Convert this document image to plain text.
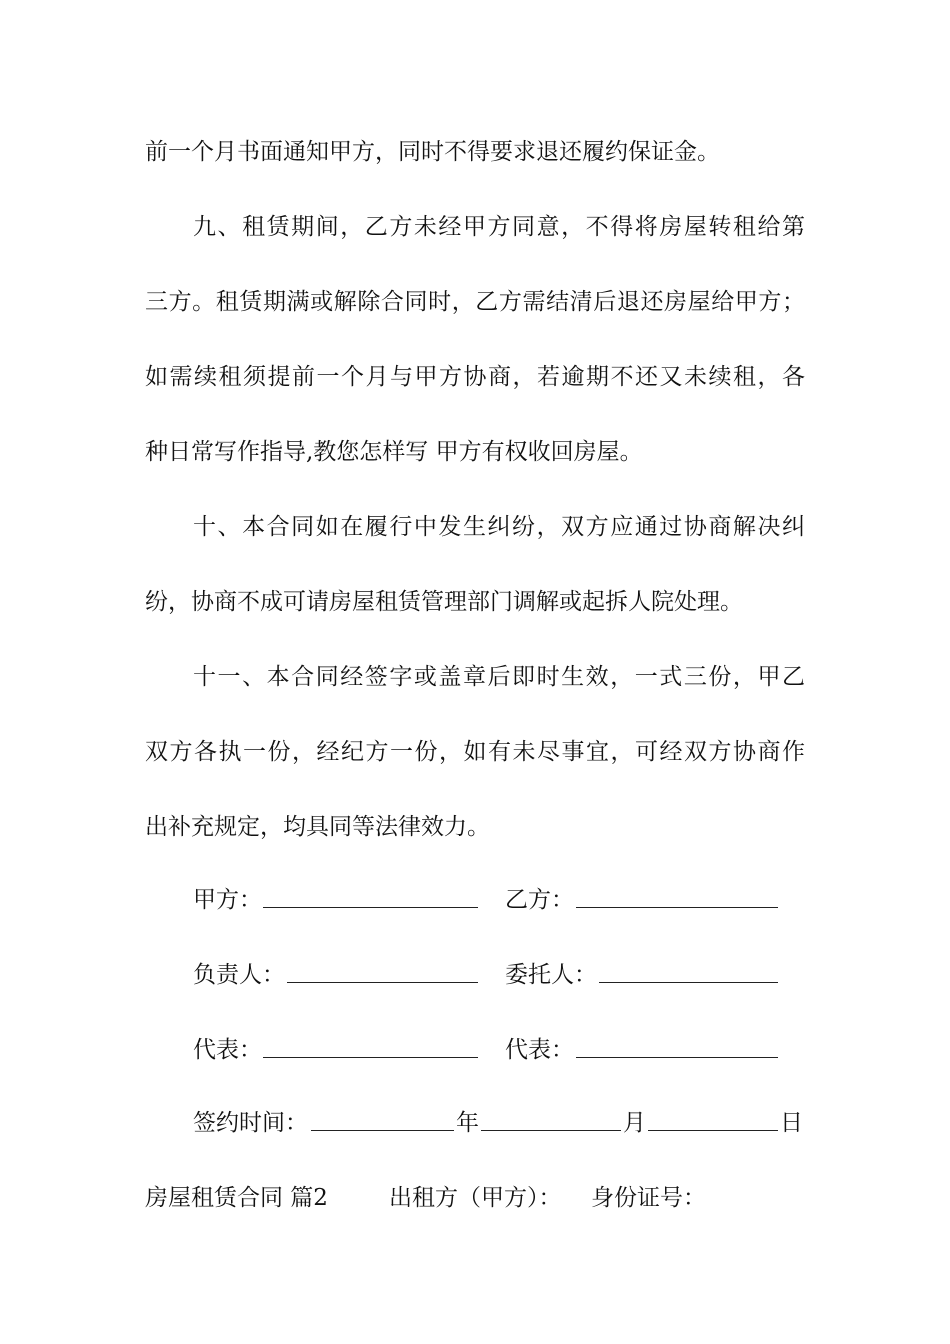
前一个月书面通知甲方，同时不得要求退还履约保证金。
九、租赁期间，乙方未经甲方同意，不得将房屋转租给第
三方。租赁期满或解除合同时，乙方需结清后退还房屋给甲方；
如需续租须提前一个月与甲方协商，若逾期不还又未续租，各
种日常写作指导,教您怎样写 甲方有权收回房屋。
十、本合同如在履行中发生纠纷，双方应通过协商解决纠
纷，协商不成可请房屋租赁管理部门调解或起拆人院处理。
十一、本合同经签字或盖章后即时生效，一式三份，甲乙
双方各执一份，经纪方一份，如有未尽事宜，可经双方协商作
出补充规定，均具同等法律效力。
甲方：	乙方：
负责人：	委托人：
代表：	代表：
签约时间：	年	月	日
房屋租赁合同 篇2	出租方（甲方）： 身份证号：
